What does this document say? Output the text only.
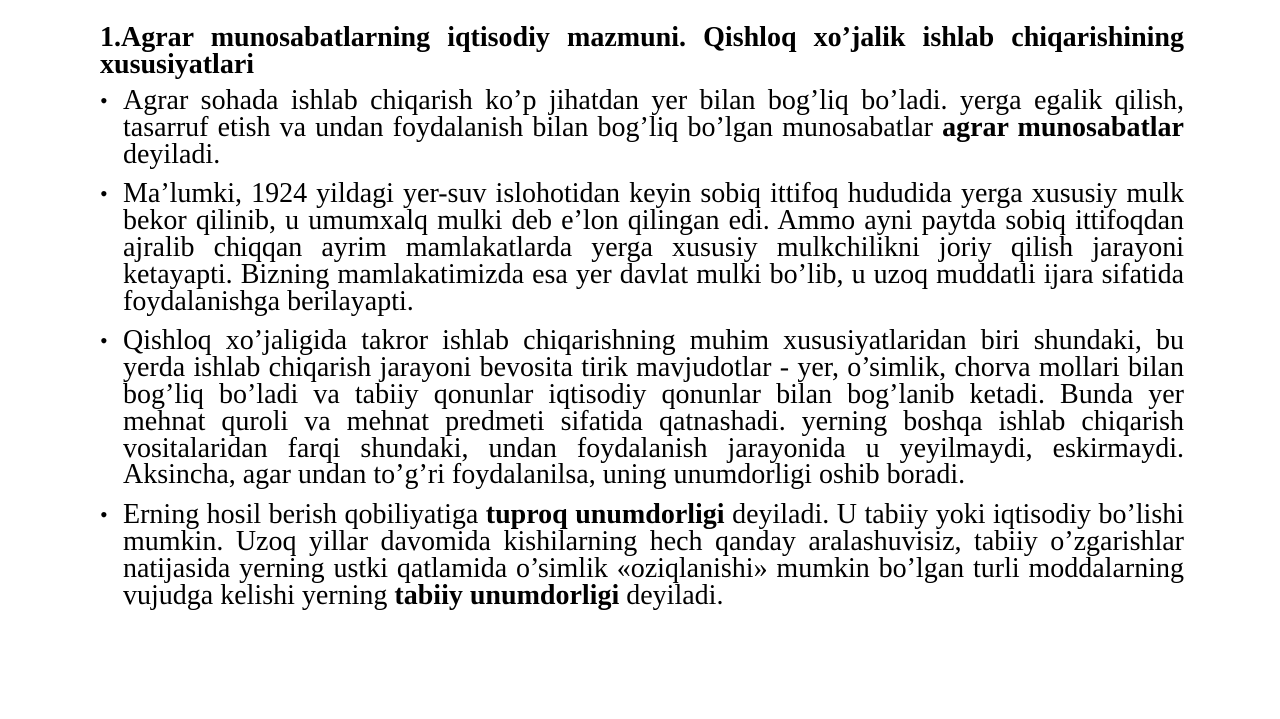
1.Agrar munosabatlarning iqtisodiy mazmuni. Qishloq xo’jalik ishlab chiqarishining xususiyatlari
• Agrar sohada ishlab chiqarish ko’p jihatdan yer bilan bog’liq bo’ladi. yerga egalik qilish, tasarruf etish va undan foydalanish bilan bog’liq bo’lgan munosabatlar agrar munosabatlar deyiladi.
• Ma’lumki, 1924 yildagi yer-suv islohotidan keyin sobiq ittifoq hududida yerga xususiy mulk bekor qilinib, u umumxalq mulki deb e’lon qilingan edi. Ammo ayni paytda sobiq ittifoqdan ajralib chiqqan ayrim mamlakatlarda yerga xususiy mulkchilikni joriy qilish jarayoni ketayapti. Bizning mamlakatimizda esa yer davlat mulki bo’lib, u uzoq muddatli ijara sifatida foydalanishga berilayapti.
• Qishloq xo’jaligida takror ishlab chiqarishning muhim xususiyatlaridan biri shundaki, bu yerda ishlab chiqarish jarayoni bevosita tirik mavjudotlar - yer, o’simlik, chorva mollari bilan bog’liq bo’ladi va tabiiy qonunlar iqtisodiy qonunlar bilan bog’lanib ketadi. Bunda yer mehnat quroli va mehnat predmeti sifatida qatnashadi. yerning boshqa ishlab chiqarish vositalaridan farqi shundaki, undan foydalanish jarayonida u yeyilmaydi, eskirmaydi. Aksincha, agar undan to’g’ri foydalanilsa, uning unumdorligi oshib boradi.
• Erning hosil berish qobiliyatiga tuproq unumdorligi deyiladi. U tabiiy yoki iqtisodiy bo’lishi mumkin. Uzoq yillar davomida kishilarning hech qanday aralashuvisiz, tabiiy o’zgarishlar natijasida yerning ustki qatlamida o’simlik «oziqlanishi» mumkin bo’lgan turli moddalarning vujudga kelishi yerning tabiiy unumdorligi deyiladi.
